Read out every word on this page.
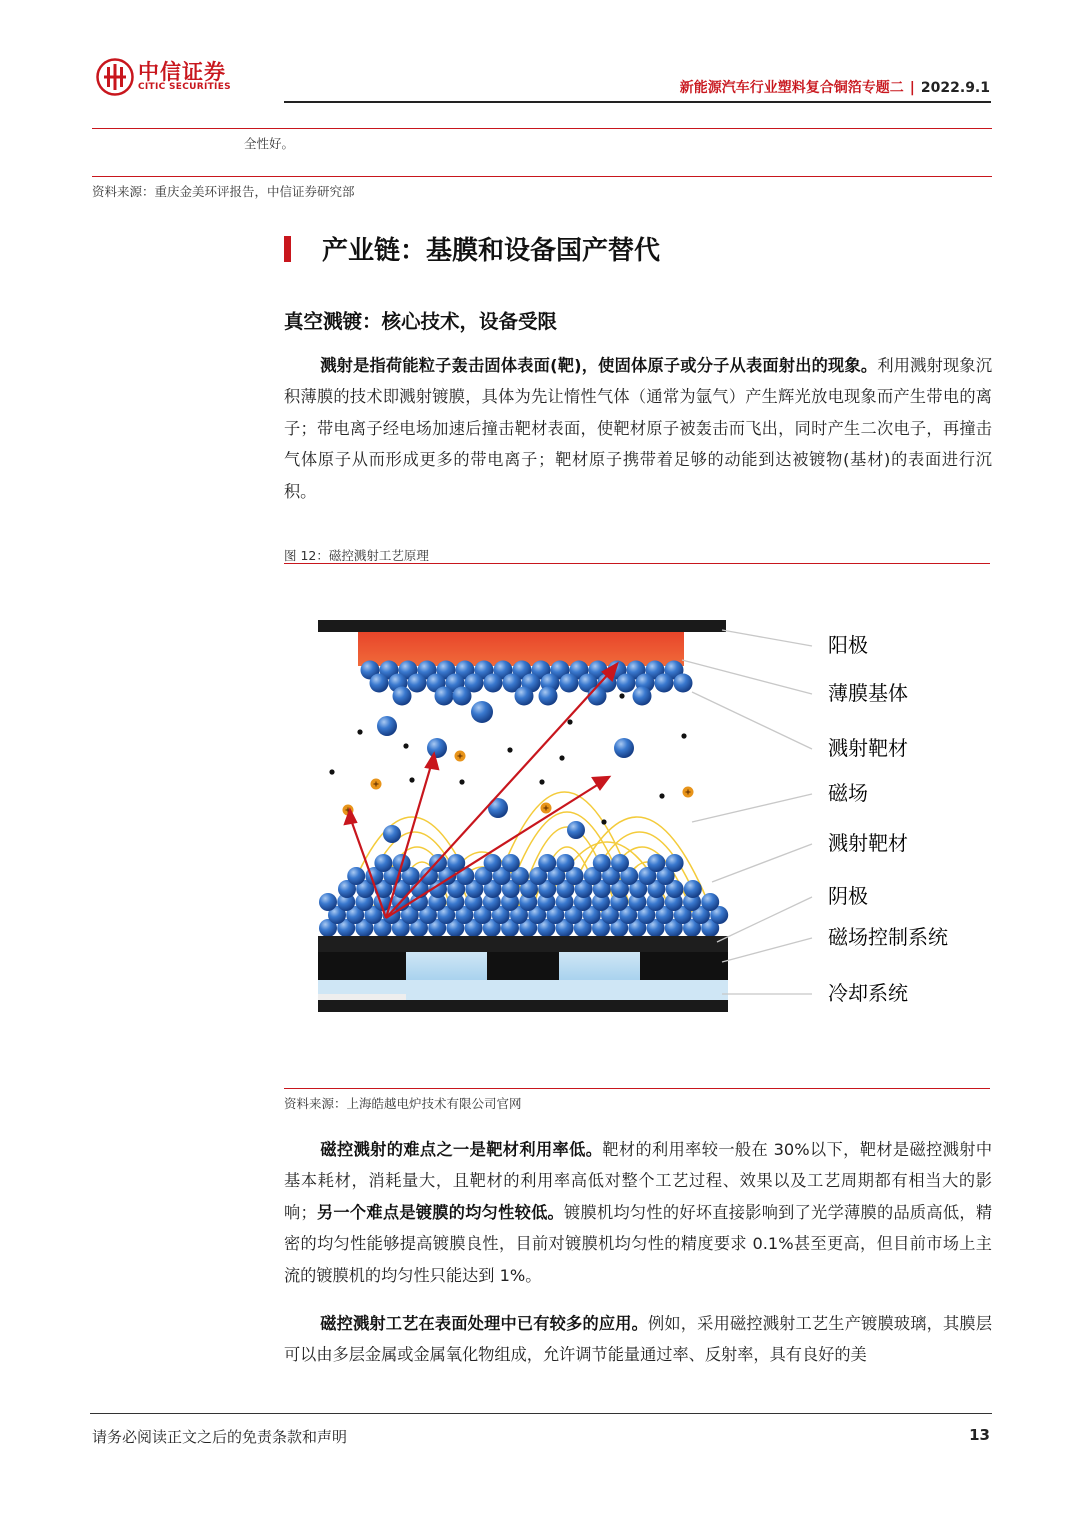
中信证券
CITIC SECURITIES	新能源汽车行业塑料复合铜箔专题二 | 2022.9.1
全性好。
资料来源：重庆金美环评报告，中信证券研究部
产业链：基膜和设备国产替代
真空溅镀：核心技术，设备受限
溅射是指荷能粒子轰击固体表面(靶)，使固体原子或分子从表面射出的现象。利用溅射现象沉积薄膜的技术即溅射镀膜，具体为先让惰性气体（通常为氩气）产生辉光放电现象而产生带电的离子；带电离子经电场加速后撞击靶材表面，使靶材原子被轰击而飞出，同时产生二次电子，再撞击气体原子从而形成更多的带电离子；靶材原子携带着足够的动能到达被镀物(基材)的表面进行沉积。
图 12：磁控溅射工艺原理
阳极
薄膜基体
溅射靶材
磁场
溅射靶材
阴极
磁场控制系统
冷却系统
资料来源：上海皓越电炉技术有限公司官网
磁控溅射的难点之一是靶材利用率低。靶材的利用率较一般在 30%以下，靶材是磁控溅射中基本耗材，消耗量大，且靶材的利用率高低对整个工艺过程、效果以及工艺周期都有相当大的影响；另一个难点是镀膜的均匀性较低。镀膜机均匀性的好坏直接影响到了光学薄膜的品质高低，精密的均匀性能够提高镀膜良性，目前对镀膜机均匀性的精度要求 0.1%甚至更高，但目前市场上主流的镀膜机的均匀性只能达到 1%。
磁控溅射工艺在表面处理中已有较多的应用。例如，采用磁控溅射工艺生产镀膜玻璃，其膜层可以由多层金属或金属氧化物组成，允许调节能量通过率、反射率，具有良好的美
请务必阅读正文之后的免责条款和声明	13
